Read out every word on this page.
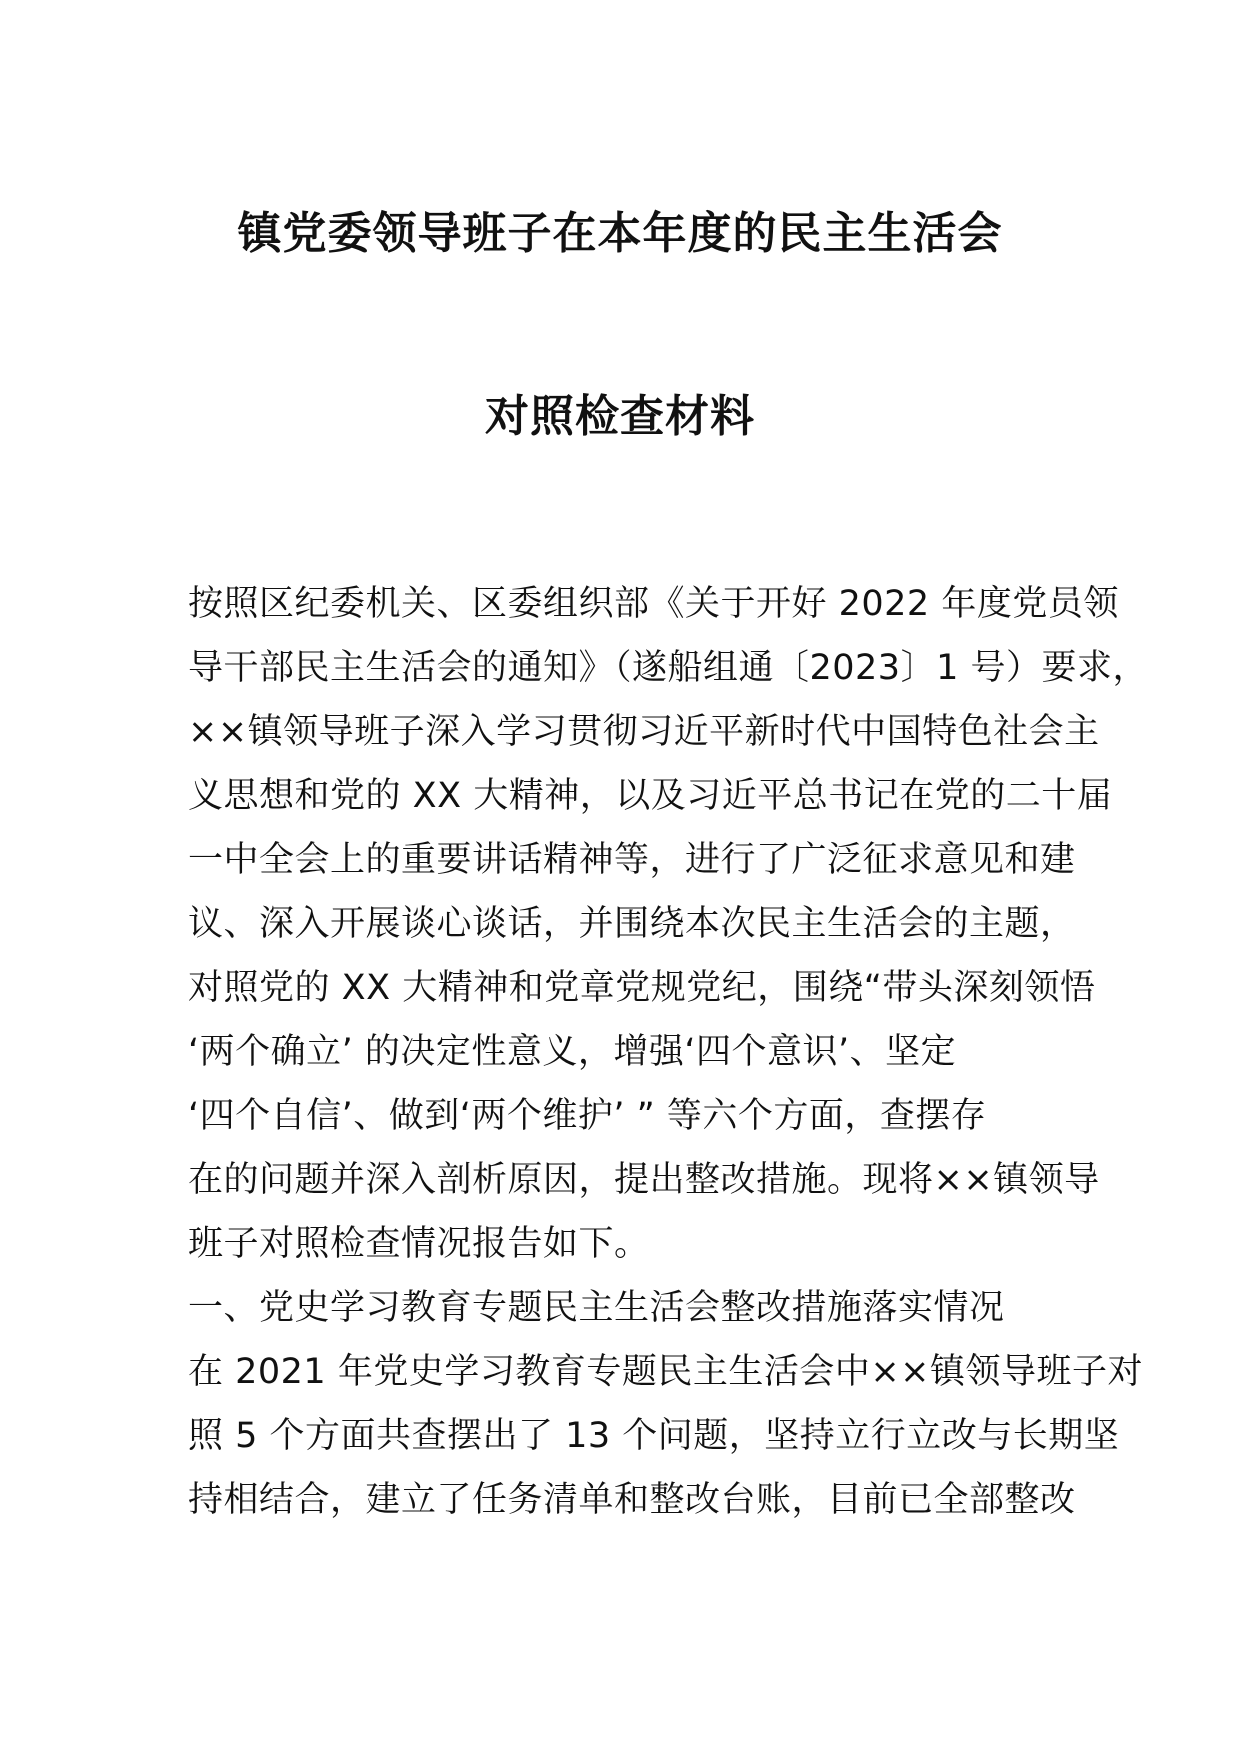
镇党委领导班子在本年度的民主生活会
对照检查材料
按照区纪委机关、区委组织部《关于开好 2022 年度党员领
导干部民主生活会的通知》（遂船组通〔2023〕1 号）要求，
××镇领导班子深入学习贯彻习近平新时代中国特色社会主
义思想和党的 XX 大精神，以及习近平总书记在党的二十届
一中全会上的重要讲话精神等，进行了广泛征求意见和建
议、深入开展谈心谈话，并围绕本次民主生活会的主题，
对照党的 XX 大精神和党章党规党纪，围绕“带头深刻领悟
‘两个确立’ 的决定性意义，增强‘四个意识’、坚定
‘四个自信’、做到‘两个维护’ ” 等六个方面，查摆存
在的问题并深入剖析原因，提出整改措施。现将××镇领导
班子对照检查情况报告如下。
一、党史学习教育专题民主生活会整改措施落实情况
在 2021 年党史学习教育专题民主生活会中××镇领导班子对
照 5 个方面共查摆出了 13 个问题，坚持立行立改与长期坚
持相结合，建立了任务清单和整改台账，目前已全部整改
